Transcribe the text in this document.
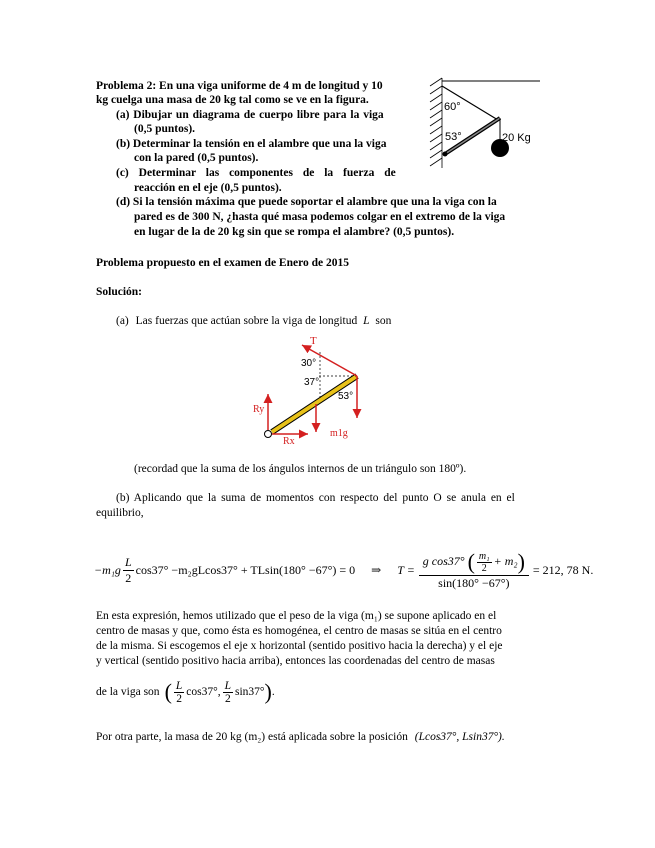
Problema 2: En una viga uniforme de 4 m de longitud y 10
kg cuelga una masa de 20 kg tal como se ve en la figura.
(a) Dibujar un diagrama de cuerpo libre para la viga
(0,5 puntos).
(b) Determinar la tensión en el alambre que una la viga
con la pared (0,5 puntos).
(c) Determinar las componentes de la fuerza de
reacción en el eje (0,5 puntos).
(d) Si la tensión máxima que puede soportar el alambre que una la viga con la
pared es de 300 N, ¿hasta qué masa podemos colgar en el extremo de la viga
en lugar de la de 20 kg sin que se rompa el alambre? (0,5 puntos).
60°
53°	20 Kg
Problema propuesto en el examen de Enero de 2015
Solución:
(a) Las fuerzas que actúan sobre la viga de longitud L son
T
30°
37°
53°
Ry
Rx
m1g
(recordad que la suma de los ángulos internos de un triángulo son 180º).
(b) Aplicando que la suma de momentos con respecto del punto O se anula en el
equilibrio,
$-m_1g \frac{L}{2} \cos 37^\circ -m_2gLcos37^\circ + TLsin(180^\circ -67^\circ) = 0$ ⇒ $T = \frac{g \cos 37^\circ ( \frac{\text{m₁}}{2} + m_2)}{\sin(180^\circ -67^\circ)} = 212$, 78 N.
En esta expresión, hemos utilizado que el peso de la viga (m₁) se supone aplicado en el
centro de masas y que, como ésta es homogénea, el centro de masas se sitúa en el centro
de la misma. Si escogemos el eje x horizontal (sentido positivo hacia la derecha) y el eje
y vertical (sentido positivo hacia arriba), entonces las coordenadas del centro de masas
de la viga son ( $\frac{L}{2} \cos 37^\circ$, $\frac{L}{2} \sin 37^\circ$ ) .
Por otra parte, la masa de 20 kg (m₂) está aplicada sobre la posición (Lcos37°, Lsin37°).
